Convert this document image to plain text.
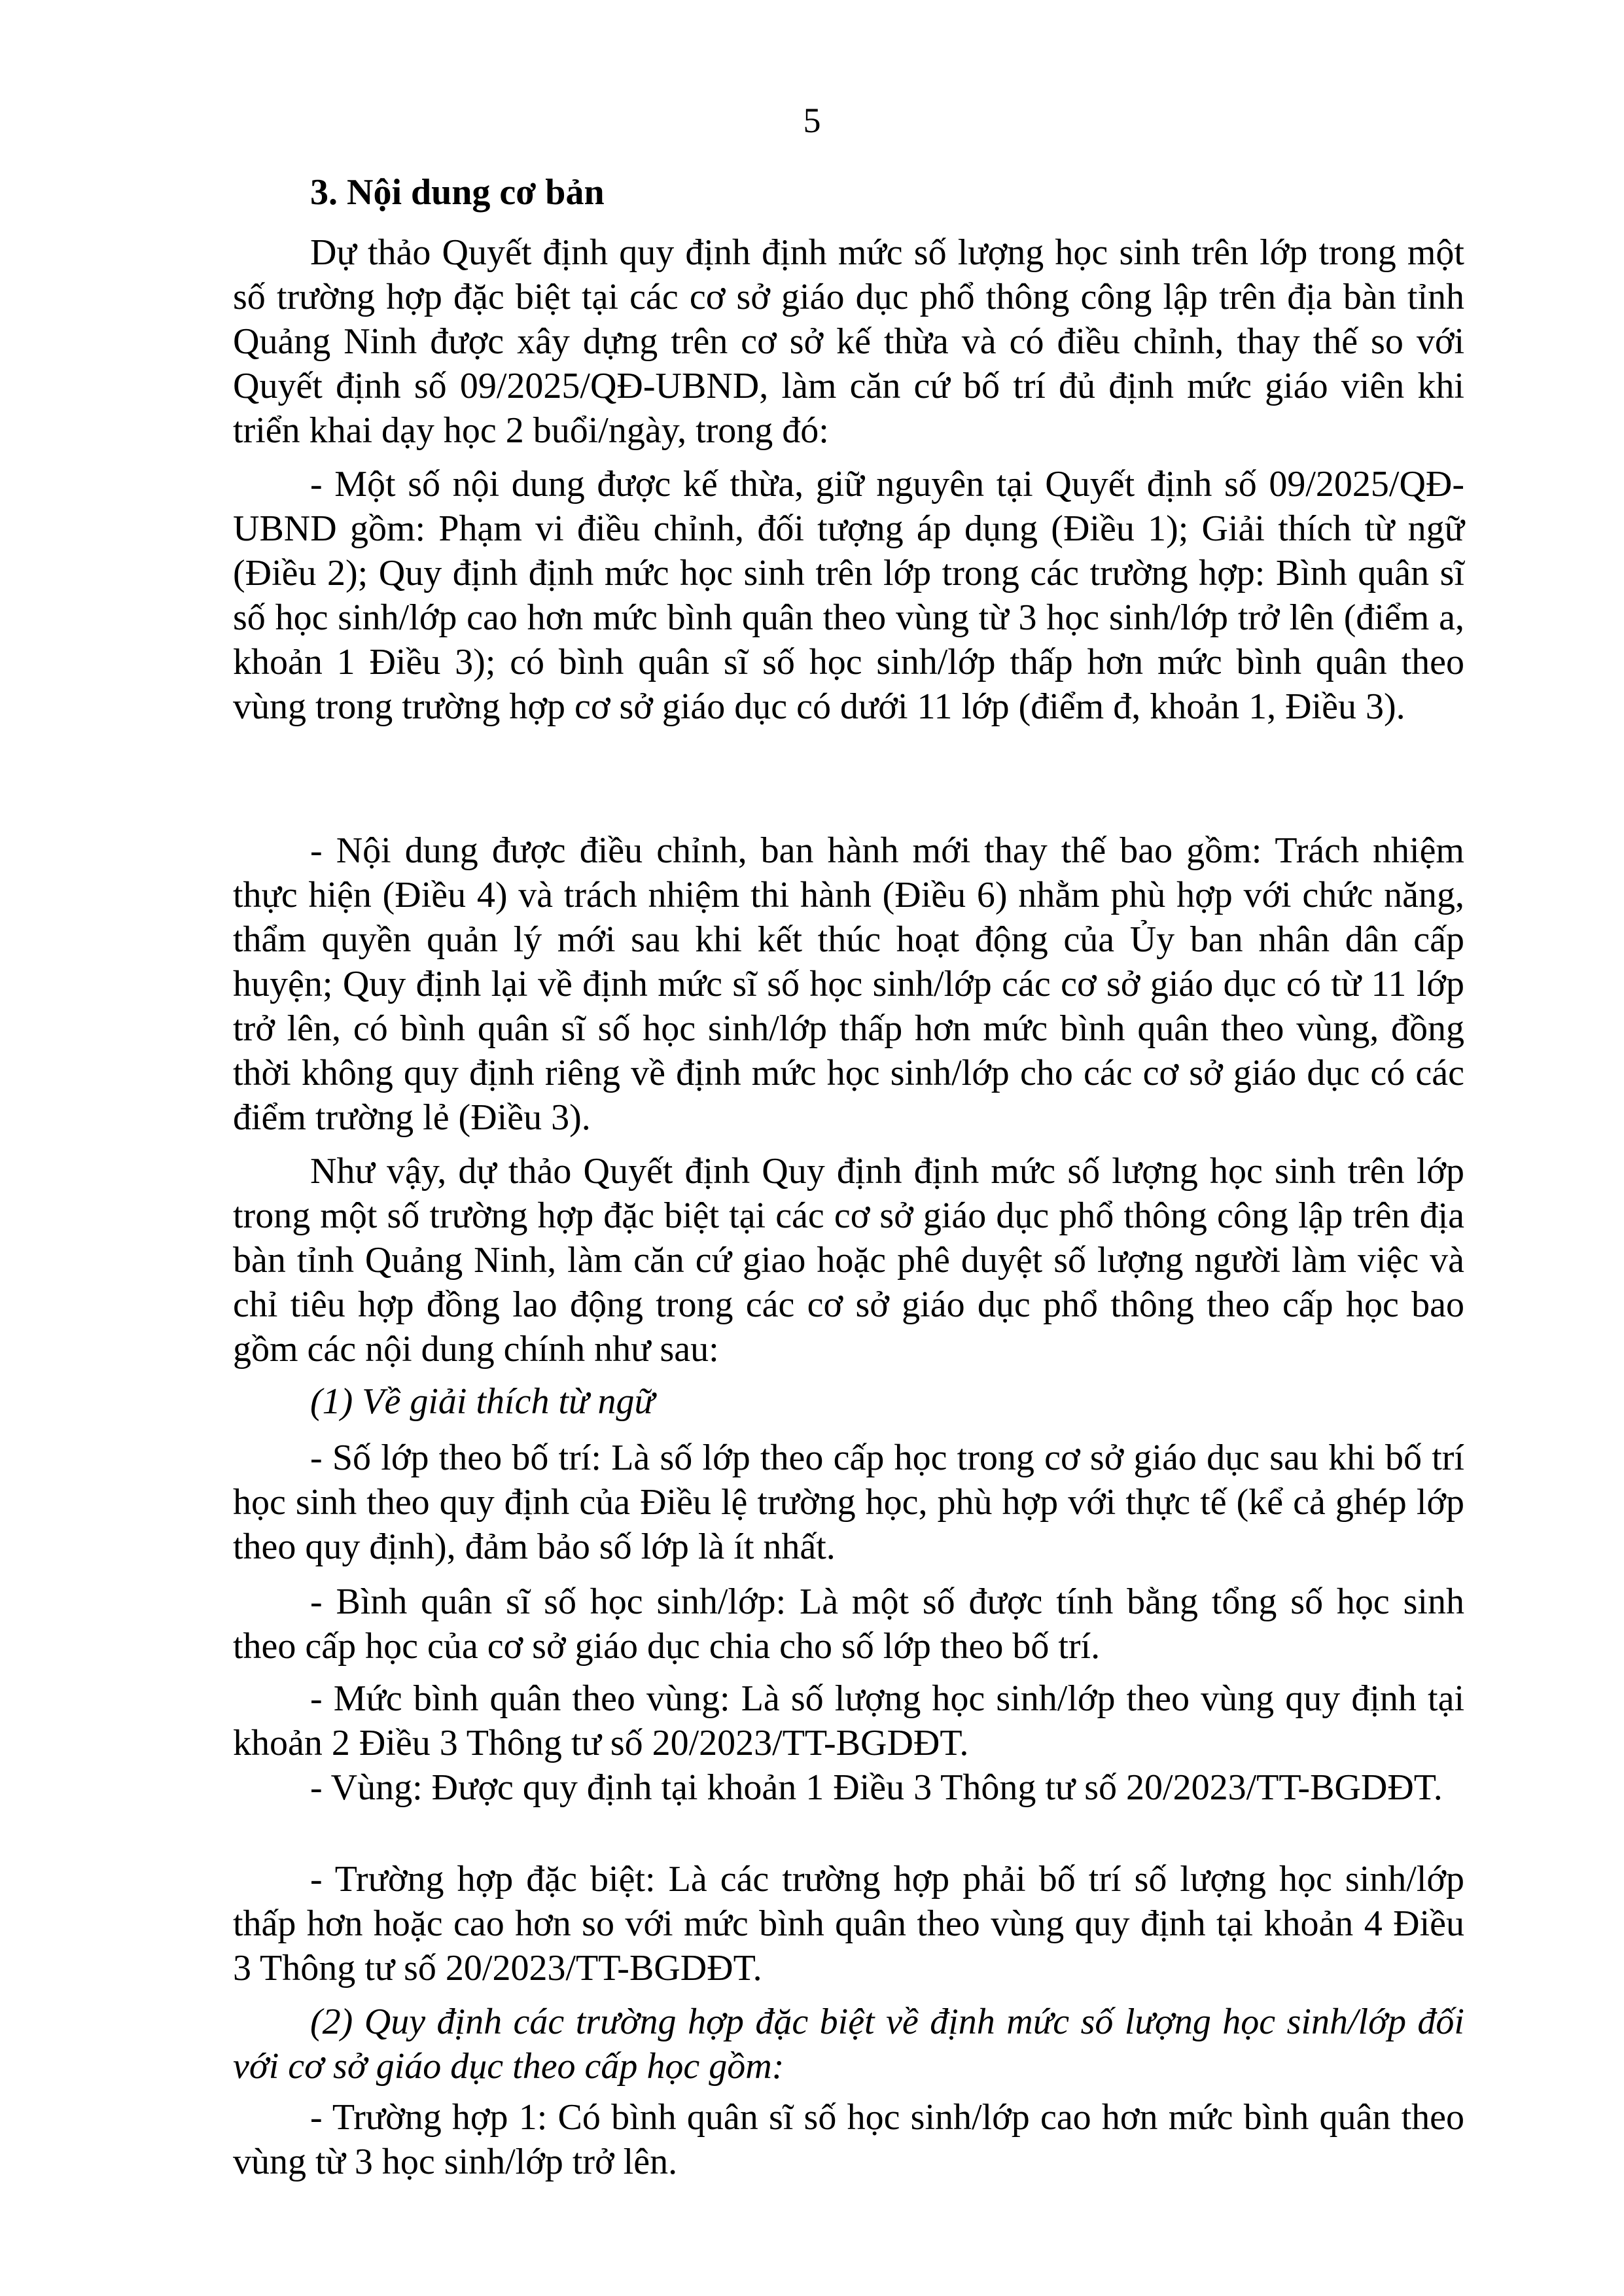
5
3. Nội dung cơ bản
Dự thảo Quyết định quy định định mức số lượng học sinh trên lớp trong một số trường hợp đặc biệt tại các cơ sở giáo dục phổ thông công lập trên địa bàn tỉnh Quảng Ninh được xây dựng trên cơ sở kế thừa và có điều chỉnh, thay thế so với Quyết định số 09/2025/QĐ-UBND, làm căn cứ bố trí đủ định mức giáo viên khi triển khai dạy học 2 buổi/ngày, trong đó:
- Một số nội dung được kế thừa, giữ nguyên tại Quyết định số 09/2025/QĐ-UBND gồm: Phạm vi điều chỉnh, đối tượng áp dụng (Điều 1); Giải thích từ ngữ (Điều 2); Quy định định mức học sinh trên lớp trong các trường hợp: Bình quân sĩ số học sinh/lớp cao hơn mức bình quân theo vùng từ 3 học sinh/lớp trở lên (điểm a, khoản 1 Điều 3); có bình quân sĩ số học sinh/lớp thấp hơn mức bình quân theo vùng trong trường hợp cơ sở giáo dục có dưới 11 lớp (điểm đ, khoản 1, Điều 3).
- Nội dung được điều chỉnh, ban hành mới thay thế bao gồm: Trách nhiệm thực hiện (Điều 4) và trách nhiệm thi hành (Điều 6) nhằm phù hợp với chức năng, thẩm quyền quản lý mới sau khi kết thúc hoạt động của Ủy ban nhân dân cấp huyện; Quy định lại về định mức sĩ số học sinh/lớp các cơ sở giáo dục có từ 11 lớp trở lên, có bình quân sĩ số học sinh/lớp thấp hơn mức bình quân theo vùng, đồng thời không quy định riêng về định mức học sinh/lớp cho các cơ sở giáo dục có các điểm trường lẻ (Điều 3).
Như vậy, dự thảo Quyết định Quy định định mức số lượng học sinh trên lớp trong một số trường hợp đặc biệt tại các cơ sở giáo dục phổ thông công lập trên địa bàn tỉnh Quảng Ninh, làm căn cứ giao hoặc phê duyệt số lượng người làm việc và chỉ tiêu hợp đồng lao động trong các cơ sở giáo dục phổ thông theo cấp học bao gồm các nội dung chính như sau:
(1) Về giải thích từ ngữ
- Số lớp theo bố trí: Là số lớp theo cấp học trong cơ sở giáo dục sau khi bố trí học sinh theo quy định của Điều lệ trường học, phù hợp với thực tế (kể cả ghép lớp theo quy định), đảm bảo số lớp là ít nhất.
- Bình quân sĩ số học sinh/lớp: Là một số được tính bằng tổng số học sinh theo cấp học của cơ sở giáo dục chia cho số lớp theo bố trí.
- Mức bình quân theo vùng: Là số lượng học sinh/lớp theo vùng quy định tại khoản 2 Điều 3 Thông tư số 20/2023/TT-BGDĐT.
- Vùng: Được quy định tại khoản 1 Điều 3 Thông tư số 20/2023/TT-BGDĐT.
- Trường hợp đặc biệt: Là các trường hợp phải bố trí số lượng học sinh/lớp thấp hơn hoặc cao hơn so với mức bình quân theo vùng quy định tại khoản 4 Điều 3 Thông tư số 20/2023/TT-BGDĐT.
(2) Quy định các trường hợp đặc biệt về định mức số lượng học sinh/lớp đối với cơ sở giáo dục theo cấp học gồm:
- Trường hợp 1: Có bình quân sĩ số học sinh/lớp cao hơn mức bình quân theo vùng từ 3 học sinh/lớp trở lên.
